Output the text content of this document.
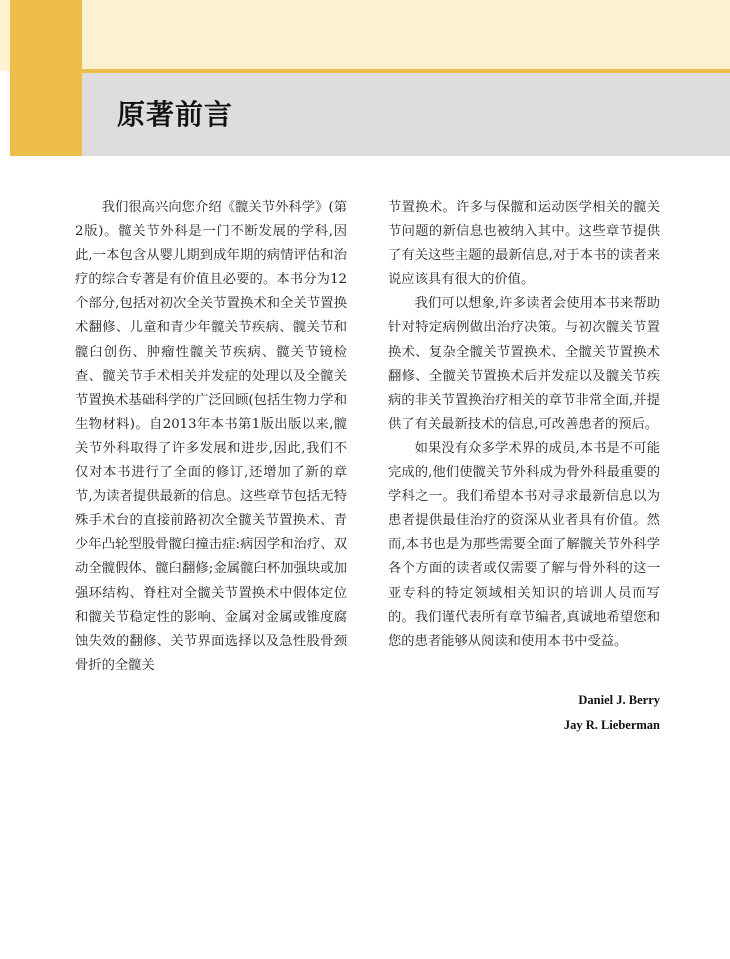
原著前言

我们很高兴向您介绍《髋关节外科学》(第2版)。髋关节外科是一门不断发展的学科,因此,一本包含从婴儿期到成年期的病情评估和治疗的综合专著是有价值且必要的。本书分为12个部分,包括对初次全关节置换术和全关节置换术翻修、儿童和青少年髋关节疾病、髋关节和髋臼创伤、肿瘤性髋关节疾病、髋关节镜检查、髋关节手术相关并发症的处理以及全髋关节置换术基础科学的广泛回顾(包括生物力学和生物材料)。自2013年本书第1版出版以来,髋关节外科取得了许多发展和进步,因此,我们不仅对本书进行了全面的修订,还增加了新的章节,为读者提供最新的信息。这些章节包括无特殊手术台的直接前路初次全髋关节置换术、青少年凸轮型股骨髋臼撞击症:病因学和治疗、双动全髋假体、髋臼翻修;金属髋臼杯加强块或加强环结构、脊柱对全髋关节置换术中假体定位和髋关节稳定性的影响、金属对金属或锥度腐蚀失效的翻修、关节界面选择以及急性股骨颈骨折的全髋关

节置换术。许多与保髋和运动医学相关的髋关节问题的新信息也被纳入其中。这些章节提供了有关这些主题的最新信息,对于本书的读者来说应该具有很大的价值。

我们可以想象,许多读者会使用本书来帮助针对特定病例做出治疗决策。与初次髋关节置换术、复杂全髋关节置换术、全髋关节置换术翻修、全髋关节置换术后并发症以及髋关节疾病的非关节置换治疗相关的章节非常全面,并提供了有关最新技术的信息,可改善患者的预后。

如果没有众多学术界的成员,本书是不可能完成的,他们使髋关节外科成为骨外科最重要的学科之一。我们希望本书对寻求最新信息以为患者提供最佳治疗的资深从业者具有价值。然而,本书也是为那些需要全面了解髋关节外科学各个方面的读者或仅需要了解与骨外科的这一亚专科的特定领域相关知识的培训人员而写的。我们谨代表所有章节编者,真诚地希望您和您的患者能够从阅读和使用本书中受益。

Daniel J. Berry
Jay R. Lieberman
